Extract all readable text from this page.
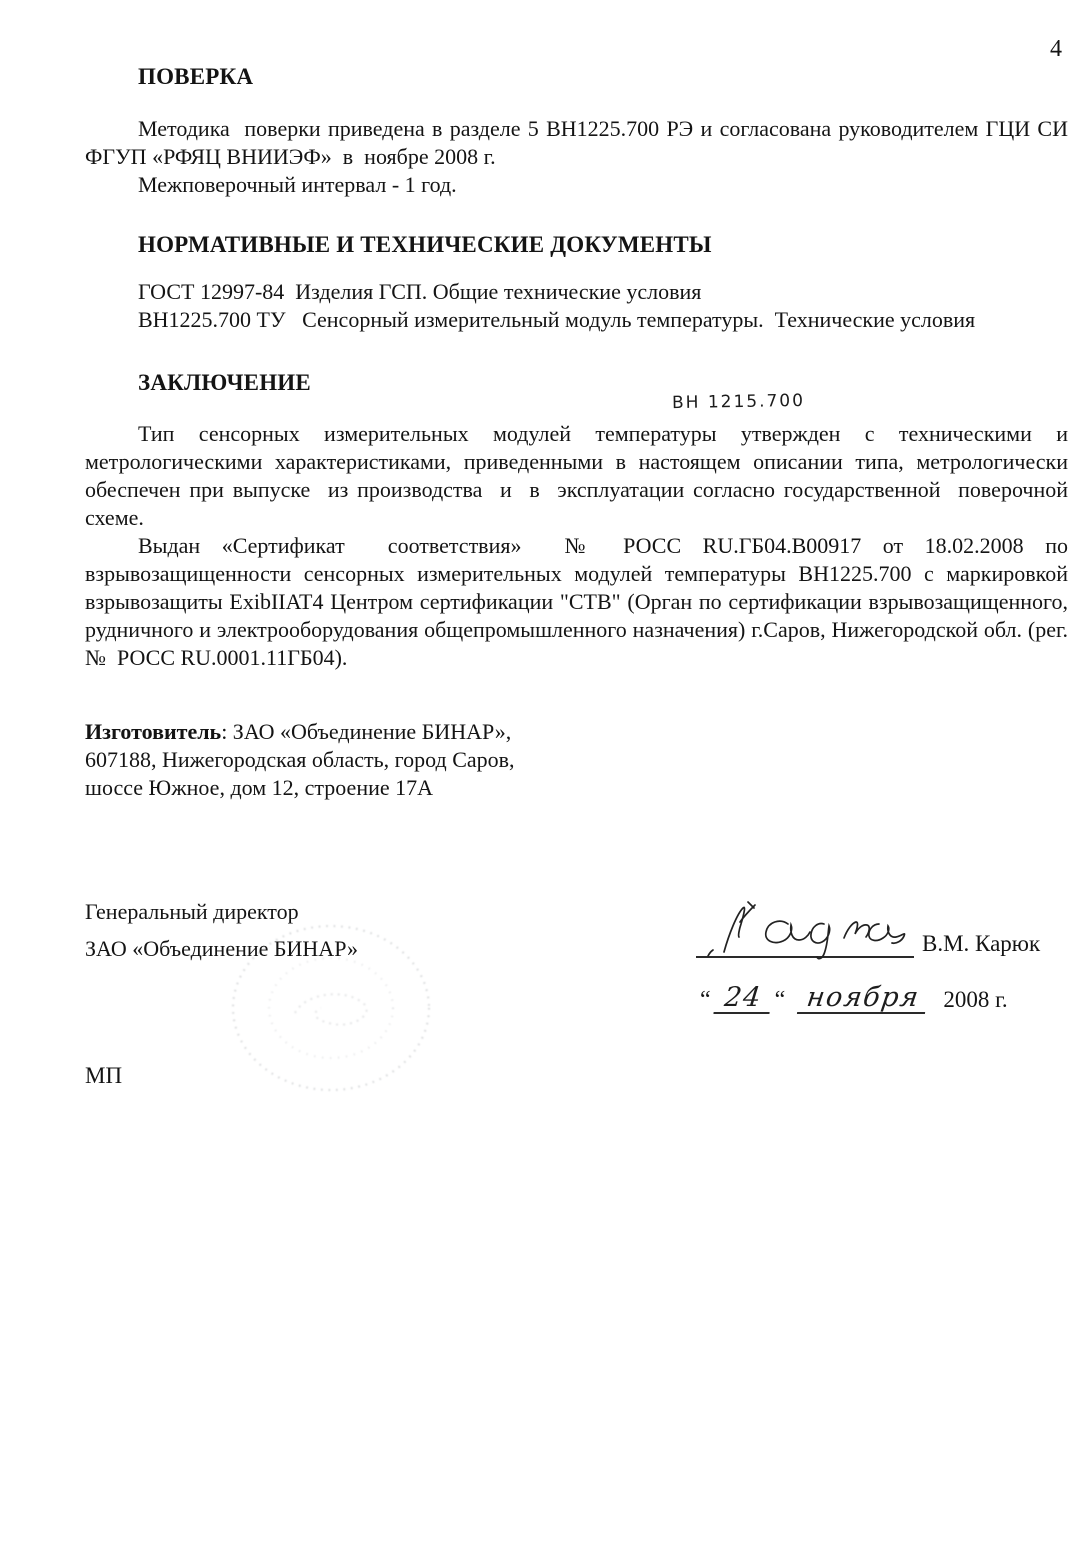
4
ПОВЕРКА

Методика  поверки приведена в разделе 5 ВН1225.700 РЭ и согласована руководителем ГЦИ СИ ФГУП «РФЯЦ ВНИИЭФ»  в  ноябре 2008 г.

Межповерочный интервал - 1 год.

НОРМАТИВНЫЕ И ТЕХНИЧЕСКИЕ ДОКУМЕНТЫ

ГОСТ 12997-84  Изделия ГСП. Общие технические условия

ВН1225.700 ТУ   Сенсорный измерительный модуль температуры.  Технические условия

ЗАКЛЮЧЕНИЕ

Тип сенсорных измерительных модулей температуры утвержден с техническими и метрологическими характеристиками, приведенными в настоящем описании типа, метрологически обеспечен при выпуске  из производства  и  в  эксплуатации согласно государственной  поверочной схеме.

Выдан «Сертификат  соответствия»  № РОСС RU.ГБ04.В00917 от 18.02.2008 по взрывозащищенности сенсорных измерительных модулей температуры ВН1225.700 с маркировкой взрывозащиты ExibIIAT4 Центром сертификации "СТВ" (Орган по сертификации взрывозащищенного, рудничного и электрооборудования общепромышленного назначения) г.Саров, Нижегородской обл. (рег. №  РОСС RU.0001.11ГБ04).

Изготовитель: ЗАО «Объединение БИНАР»,

607188, Нижегородская область, город Саров,

шоссе Южное, дом 12, строение 17А

Генеральный директор

ЗАО «Объединение БИНАР»	В.М. Карюк
“ 24 “ ноября 2008 г.
МП
ВН 1215.700
